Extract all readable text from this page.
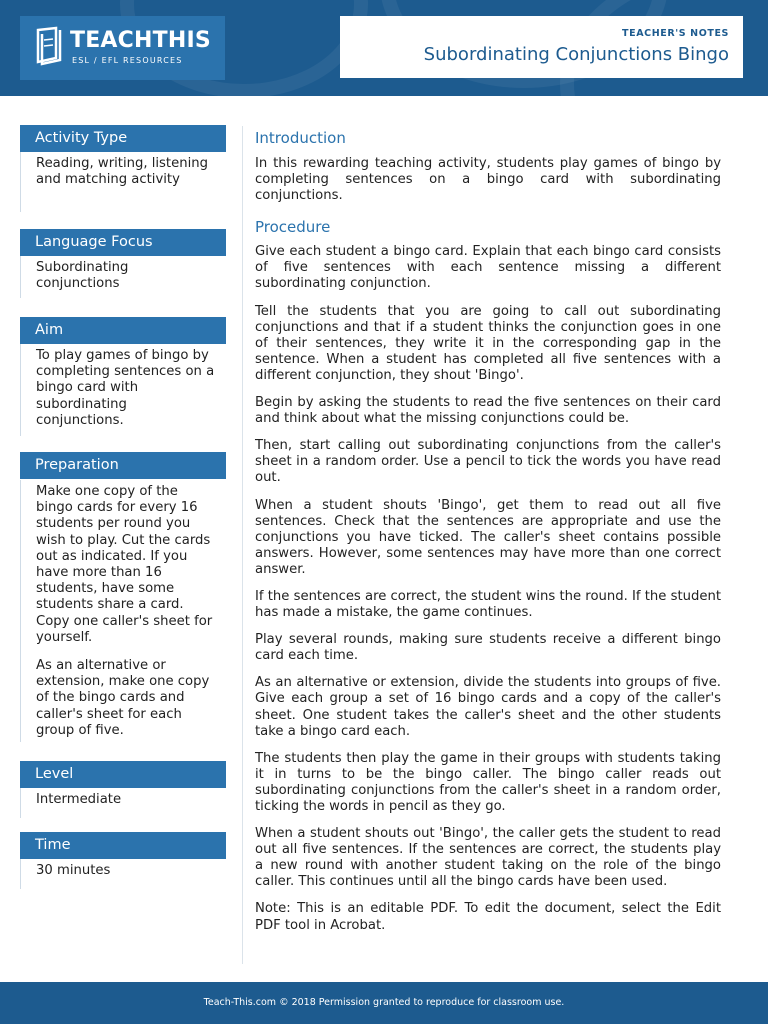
TEACHTHIS
ESL / EFL RESOURCES
TEACHER'S NOTES
Subordinating Conjunctions Bingo
Activity Type

Reading, writing, listening and matching activity

Language Focus

Subordinating conjunctions

Aim

To play games of bingo by completing sentences on a bingo card with subordinating conjunctions.

Preparation

Make one copy of the bingo cards for every 16 students per round you wish to play. Cut the cards out as indicated. If you have more than 16 students, have some students share a card. Copy one caller's sheet for yourself.

As an alternative or extension, make one copy of the bingo cards and caller's sheet for each group of five.

Level

Intermediate

Time

30 minutes

Introduction

In this rewarding teaching activity, students play games of bingo by completing sentences on a bingo card with subordinating conjunctions.

Procedure

Give each student a bingo card. Explain that each bingo card consists of five sentences with each sentence missing a different subordinating conjunction.

Tell the students that you are going to call out subordinating conjunctions and that if a student thinks the conjunction goes in one of their sentences, they write it in the corresponding gap in the sentence. When a student has completed all five sentences with a different conjunction, they shout 'Bingo'.

Begin by asking the students to read the five sentences on their card and think about what the missing conjunctions could be.

Then, start calling out subordinating conjunctions from the caller's sheet in a random order. Use a pencil to tick the words you have read out.

When a student shouts 'Bingo', get them to read out all five sentences. Check that the sentences are appropriate and use the conjunctions you have ticked. The caller's sheet contains possible answers. However, some sentences may have more than one correct answer.

If the sentences are correct, the student wins the round. If the student has made a mistake, the game continues.

Play several rounds, making sure students receive a different bingo card each time.

As an alternative or extension, divide the students into groups of five. Give each group a set of 16 bingo cards and a copy of the caller's sheet. One student takes the caller's sheet and the other students take a bingo card each.

The students then play the game in their groups with students taking it in turns to be the bingo caller. The bingo caller reads out subordinating conjunctions from the caller's sheet in a random order, ticking the words in pencil as they go.

When a student shouts out 'Bingo', the caller gets the student to read out all five sentences. If the sentences are correct, the students play a new round with another student taking on the role of the bingo caller. This continues until all the bingo cards have been used.

Note: This is an editable PDF. To edit the document, select the Edit PDF tool in Acrobat.

Teach-This.com © 2018 Permission granted to reproduce for classroom use.
